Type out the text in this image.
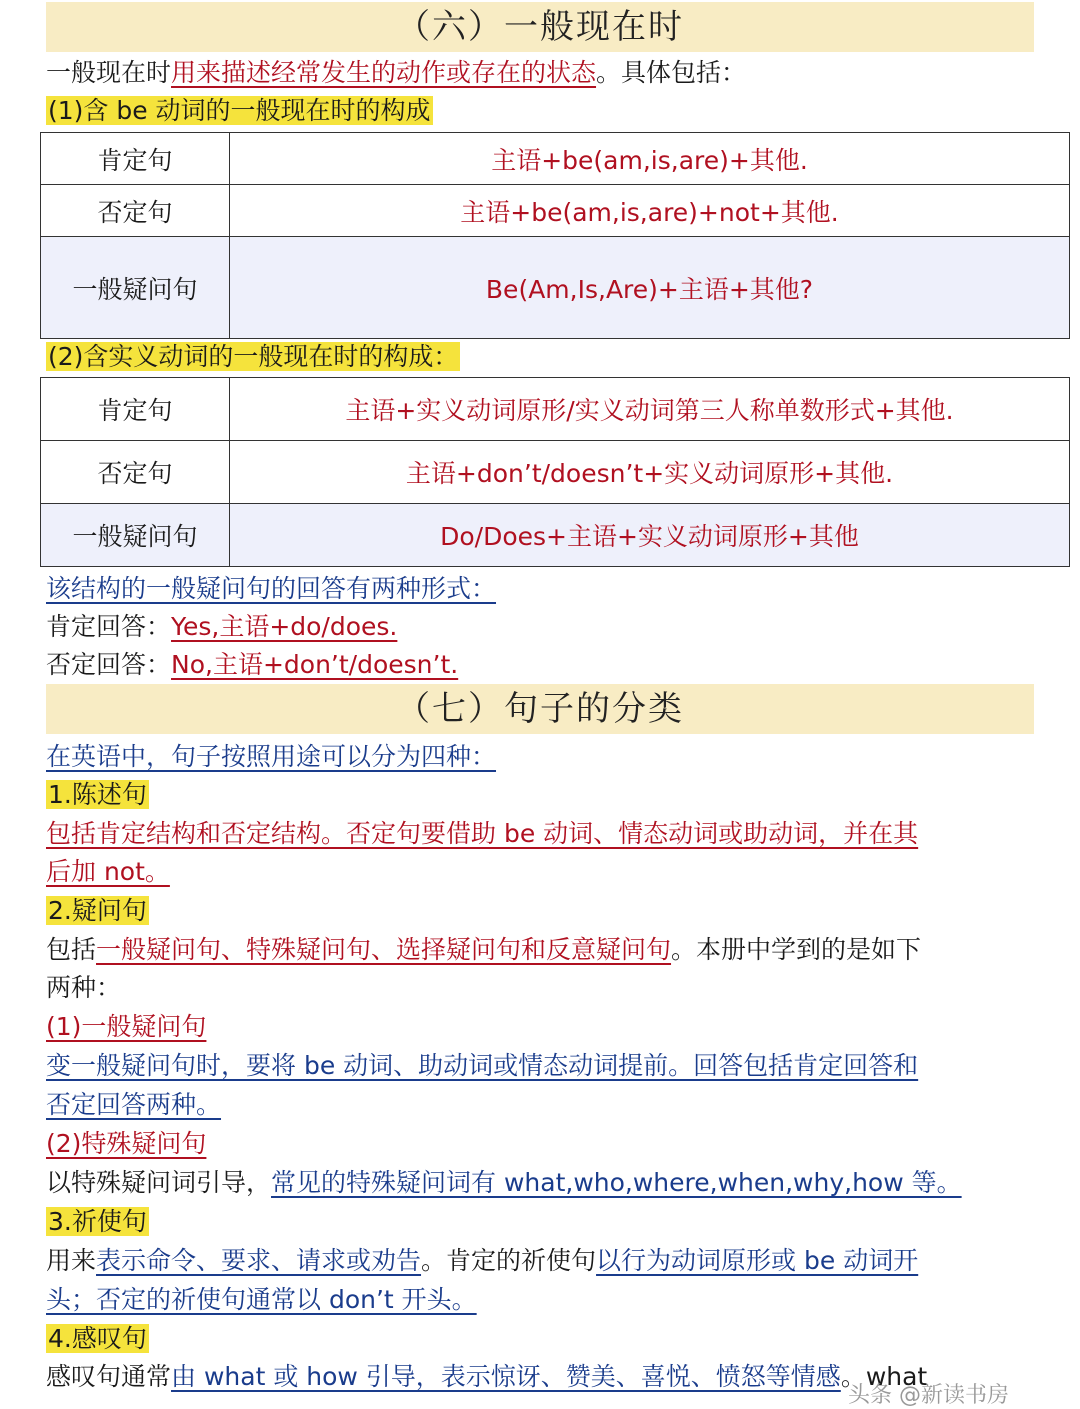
（六）一般现在时
一般现在时用来描述经常发生的动作或存在的状态。具体包括：
(1)含 be 动词的一般现在时的构成
肯定句	主语+be(am,is,are)+其他.
否定句	主语+be(am,is,are)+not+其他.
一般疑问句	Be(Am,Is,Are)+主语+其他?
(2)含实义动词的一般现在时的构成：
肯定句	主语+实义动词原形/实义动词第三人称单数形式+其他.
否定句	主语+don’t/doesn’t+实义动词原形+其他.
一般疑问句	Do/Does+主语+实义动词原形+其他
该结构的一般疑问句的回答有两种形式：
肯定回答：Yes,主语+do/does.
否定回答：No,主语+don’t/doesn’t.
（七）句子的分类
在英语中，句子按照用途可以分为四种：
1.陈述句
包括肯定结构和否定结构。否定句要借助 be 动词、情态动词或助动词，并在其
后加 not。
2.疑问句
包括一般疑问句、特殊疑问句、选择疑问句和反意疑问句。本册中学到的是如下
两种：
(1)一般疑问句
变一般疑问句时，要将 be 动词、助动词或情态动词提前。回答包括肯定回答和
否定回答两种。
(2)特殊疑问句
以特殊疑问词引导，常见的特殊疑问词有 what,who,where,when,why,how 等。
3.祈使句
用来表示命令、要求、请求或劝告。肯定的祈使句以行为动词原形或 be 动词开
头；否定的祈使句通常以 don’t 开头。
4.感叹句
感叹句通常由 what 或 how 引导，表示惊讶、赞美、喜悦、愤怒等情感。what
头条 @新读书房
